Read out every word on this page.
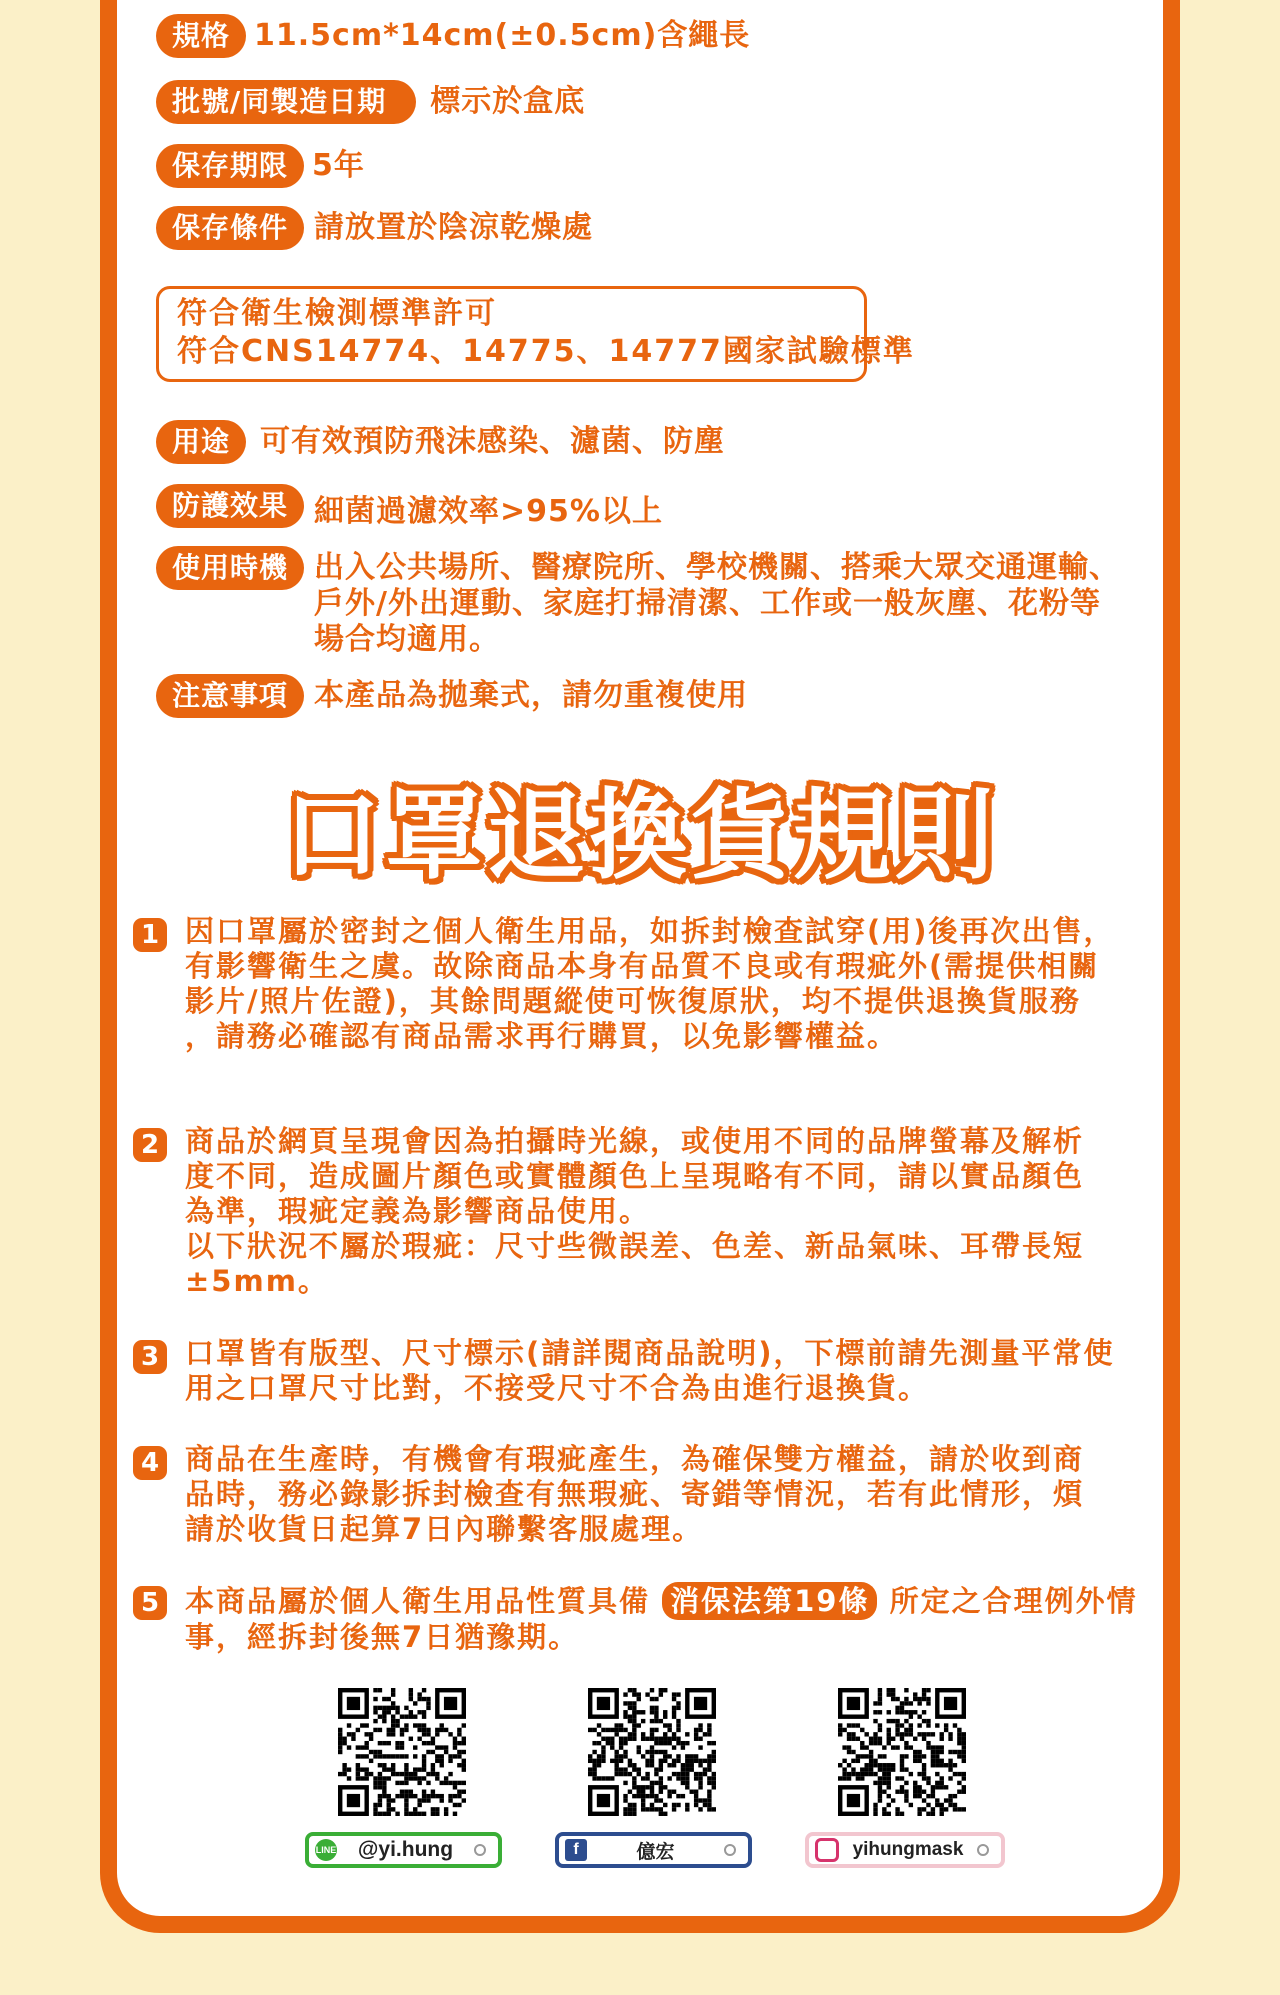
規格 11.5cm*14cm(±0.5cm)含繩長
批號/同製造日期	標示於盒底
保存期限 5年
保存條件 請放置於陰涼乾燥處
符合衛生檢測標準許可
符合CNS14774、14775、14777國家試驗標準
用途	可有效預防飛沫感染、濾菌、防塵
防護效果 細菌過濾效率>95%以上
使用時機 出入公共場所、醫療院所、學校機關、搭乘大眾交通運輸、
戶外/外出運動、家庭打掃清潔、工作或一般灰塵、花粉等
場合均適用。
注意事項 本產品為拋棄式，請勿重複使用
口罩退換貨規則
1 因口罩屬於密封之個人衛生用品，如拆封檢查試穿(用)後再次出售，

有影響衛生之虞。故除商品本身有品質不良或有瑕疵外(需提供相關

影片/照片佐證)，其餘問題縱使可恢復原狀，均不提供退換貨服務

，請務必確認有商品需求再行購買，以免影響權益。

2 商品於網頁呈現會因為拍攝時光線，或使用不同的品牌螢幕及解析

度不同，造成圖片顏色或實體顏色上呈現略有不同，請以實品顏色

為準，瑕疵定義為影響商品使用。

以下狀況不屬於瑕疵：尺寸些微誤差、色差、新品氣味、耳帶長短

±5mm。

3 口罩皆有版型、尺寸標示(請詳閱商品說明)，下標前請先測量平常使

用之口罩尺寸比對，不接受尺寸不合為由進行退換貨。

4 商品在生產時，有機會有瑕疵產生，為確保雙方權益，請於收到商

品時，務必錄影拆封檢查有無瑕疵、寄錯等情況，若有此情形，煩

請於收貨日起算7日內聯繫客服處理。

5 本商品屬於個人衛生用品性質具備 消保法第19條 所定之合理例外情

事，經拆封後無7日猶豫期。

LINE	@yi.hung	f	億宏	yihungmask
